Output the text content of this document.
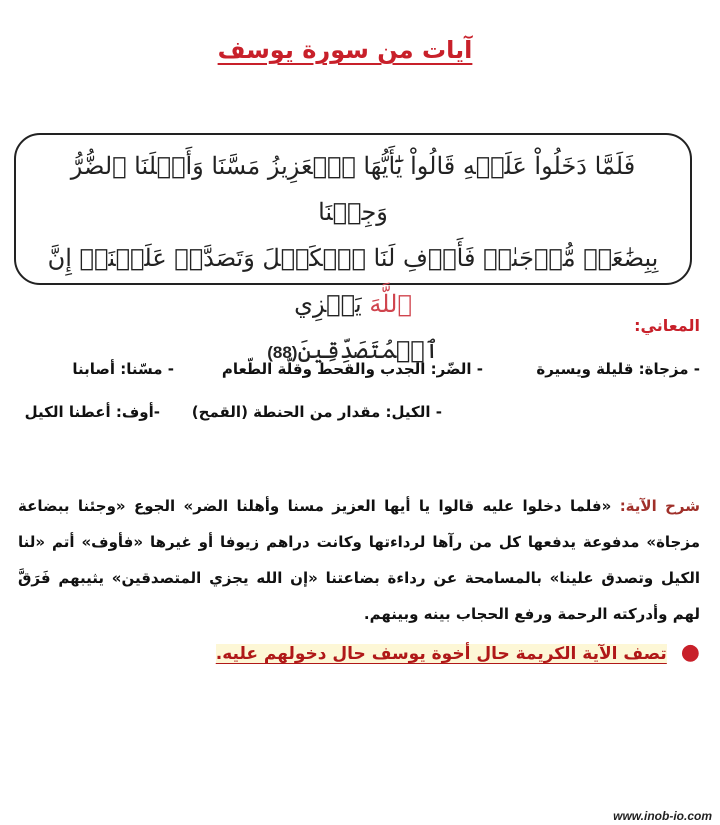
آيات من سورة يوسف
فَلَمَّا دَخَلُواْ عَلَيۡهِ قَالُواْ يَٰٓأَيُّهَا ٱلۡعَزِيزُ مَسَّنَا وَأَهۡلَنَا ٱلضُّرُّ وَجِئۡنَا
بِبِضَٰعَةٖ مُّزۡجَىٰةٖ فَأَوۡفِ لَنَا ٱلۡكَيۡلَ وَتَصَدَّقۡ عَلَيۡنَآۖ إِنَّ ٱللَّهَ يَجۡزِي
ٱلۡمُتَصَدِّقِينَ(88)
المعاني:
- مزجاة: قليلة ويسيرة
- الضّر: الجدب والقحط وقلّة الطّعام
- مسّنا: أصابنا
- الكيل: مقدار من الحنطة (القمح)
-أوف: أعطنا الكيل
شرح الآية: «فلما دخلوا عليه قالوا يا أيها العزيز مسنا وأهلنا الضر» الجوع «وجئنا ببضاعة مزجاة» مدفوعة يدفعها كل من رآها لرداءتها وكانت دراهم زيوفا أو غيرها «فأوف» أتم «لنا الكيل وتصدق علينا» بالمسامحة عن رداءة بضاعتنا «إن الله يجزي المتصدقين» يثيبهم فَرَقَّ لهم وأدركته الرحمة ورفع الحجاب بينه وبينهم.
●تصف الآية الكريمة حال أخوة يوسف حال دخولهم عليه.
www.inob-io.com
